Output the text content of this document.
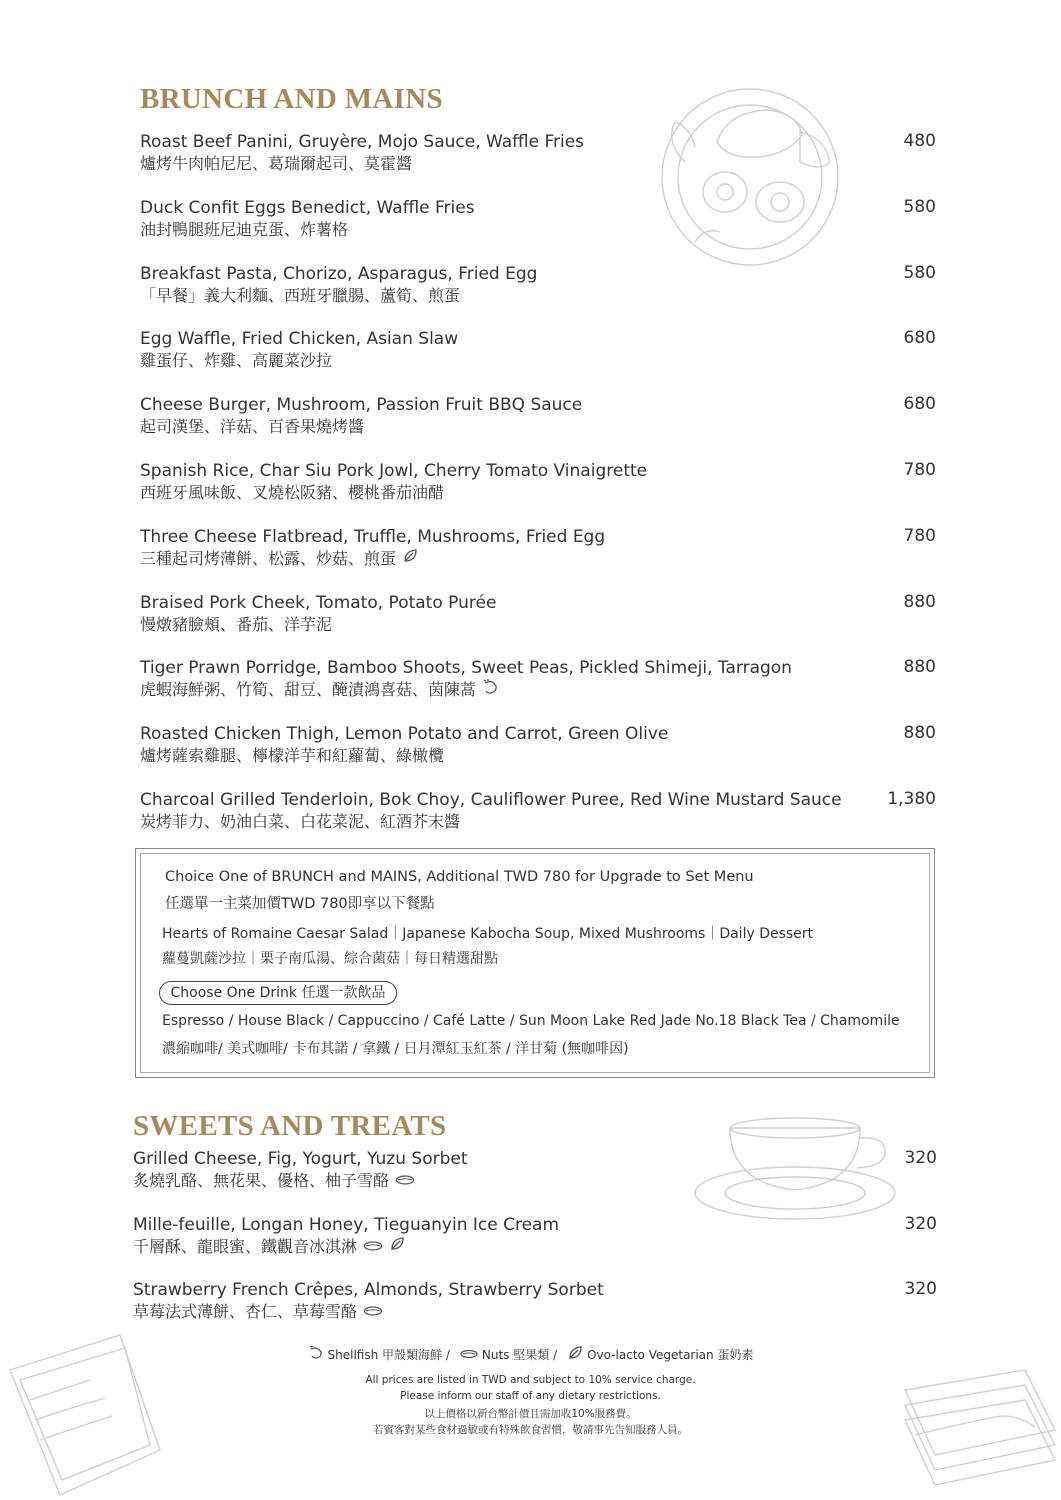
BRUNCH AND MAINS
Roast Beef Panini, Gruyère, Mojo Sauce, Waffle Fries
爐烤牛肉帕尼尼、葛瑞爾起司、莫霍醬
480
Duck Confit Eggs Benedict, Waffle Fries
油封鴨腿班尼迪克蛋、炸薯格
580
Breakfast Pasta, Chorizo, Asparagus, Fried Egg
「早餐」義大利麵、西班牙臘腸、蘆筍、煎蛋
580
Egg Waffle, Fried Chicken, Asian Slaw
雞蛋仔、炸雞、高麗菜沙拉
680
Cheese Burger, Mushroom, Passion Fruit BBQ Sauce
起司漢堡、洋菇、百香果燒烤醬
680
Spanish Rice, Char Siu Pork Jowl, Cherry Tomato Vinaigrette
西班牙風味飯、叉燒松阪豬、櫻桃番茄油醋
780
Three Cheese Flatbread, Truffle, Mushrooms, Fried Egg
三種起司烤薄餅、松露、炒菇、煎蛋
780
Braised Pork Cheek, Tomato, Potato Purée
慢燉豬臉頰、番茄、洋芋泥
880
Tiger Prawn Porridge, Bamboo Shoots, Sweet Peas, Pickled Shimeji, Tarragon
虎蝦海鮮粥、竹筍、甜豆、醃漬鴻喜菇、茵陳蒿
880
Roasted Chicken Thigh, Lemon Potato and Carrot, Green Olive
爐烤薩索雞腿、檸檬洋芋和紅蘿蔔、綠橄欖
880
Charcoal Grilled Tenderloin, Bok Choy, Cauliflower Puree, Red Wine Mustard Sauce
炭烤菲力、奶油白菜、白花菜泥、紅酒芥末醬
1,380
Choice One of BRUNCH and MAINS, Additional TWD 780 for Upgrade to Set Menu
任選單一主菜加價TWD 780即享以下餐點
Hearts of Romaine Caesar Salad｜Japanese Kabocha Soup, Mixed Mushrooms｜Daily Dessert
蘿蔓凱薩沙拉｜栗子南瓜湯、綜合菌菇｜每日精選甜點
Choose One Drink 任選一款飲品
Espresso / House Black / Cappuccino / Café Latte / Sun Moon Lake Red Jade No.18 Black Tea / Chamomile
濃縮咖啡/ 美式咖啡/ 卡布其諾 / 拿鐵 / 日月潭紅玉紅茶 / 洋甘菊 (無咖啡因)
SWEETS AND TREATS
Grilled Cheese, Fig, Yogurt, Yuzu Sorbet
炙燒乳酪、無花果、優格、柚子雪酪
320
Mille-feuille, Longan Honey, Tieguanyin Ice Cream
千層酥、龍眼蜜、鐵觀音冰淇淋
320
Strawberry French Crêpes, Almonds, Strawberry Sorbet
草莓法式薄餅、杏仁、草莓雪酪
320
Shellfish 甲殼類海鮮 /	Nuts 堅果類 /	Ovo-lacto Vegetarian 蛋奶素
All prices are listed in TWD and subject to 10% service charge.
Please inform our staff of any dietary restrictions.
以上價格以新台幣計價且需加收10%服務費。
若賓客對某些食材過敏或有特殊飲食習慣，敬請事先告知服務人員。
